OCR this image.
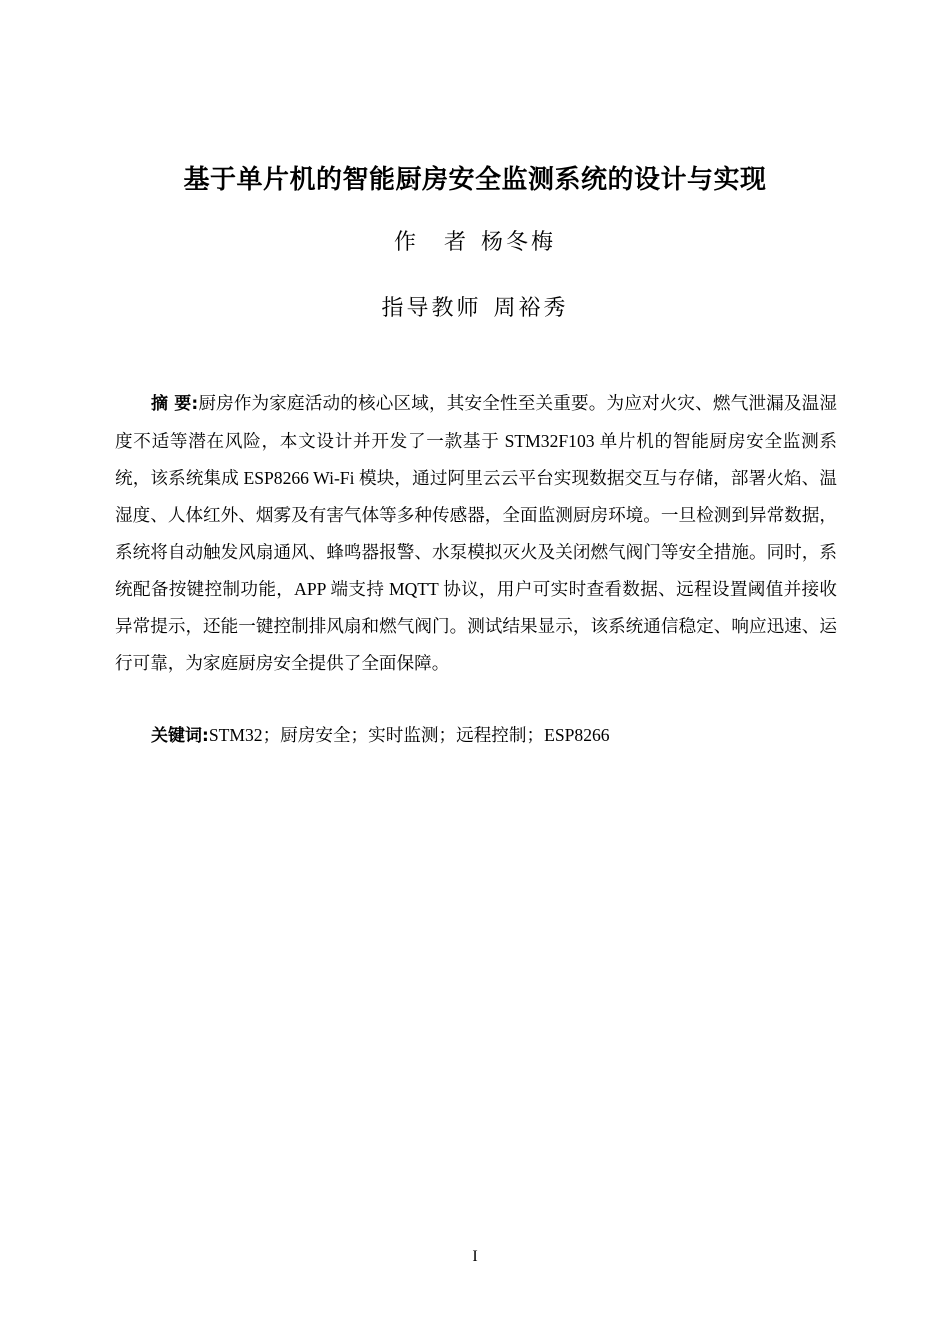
基于单片机的智能厨房安全监测系统的设计与实现
作　者 杨冬梅
指导教师 周裕秀
摘 要:厨房作为家庭活动的核心区域，其安全性至关重要。为应对火灾、燃气泄漏及温湿度不适等潜在风险，本文设计并开发了一款基于 STM32F103 单片机的智能厨房安全监测系统，该系统集成 ESP8266 Wi-Fi 模块，通过阿里云云平台实现数据交互与存储，部署火焰、温湿度、人体红外、烟雾及有害气体等多种传感器，全面监测厨房环境。一旦检测到异常数据，系统将自动触发风扇通风、蜂鸣器报警、水泵模拟灭火及关闭燃气阀门等安全措施。同时，系统配备按键控制功能，APP 端支持 MQTT 协议，用户可实时查看数据、远程设置阈值并接收异常提示，还能一键控制排风扇和燃气阀门。测试结果显示，该系统通信稳定、响应迅速、运行可靠，为家庭厨房安全提供了全面保障。
关键词:STM32；厨房安全；实时监测；远程控制；ESP8266
I
